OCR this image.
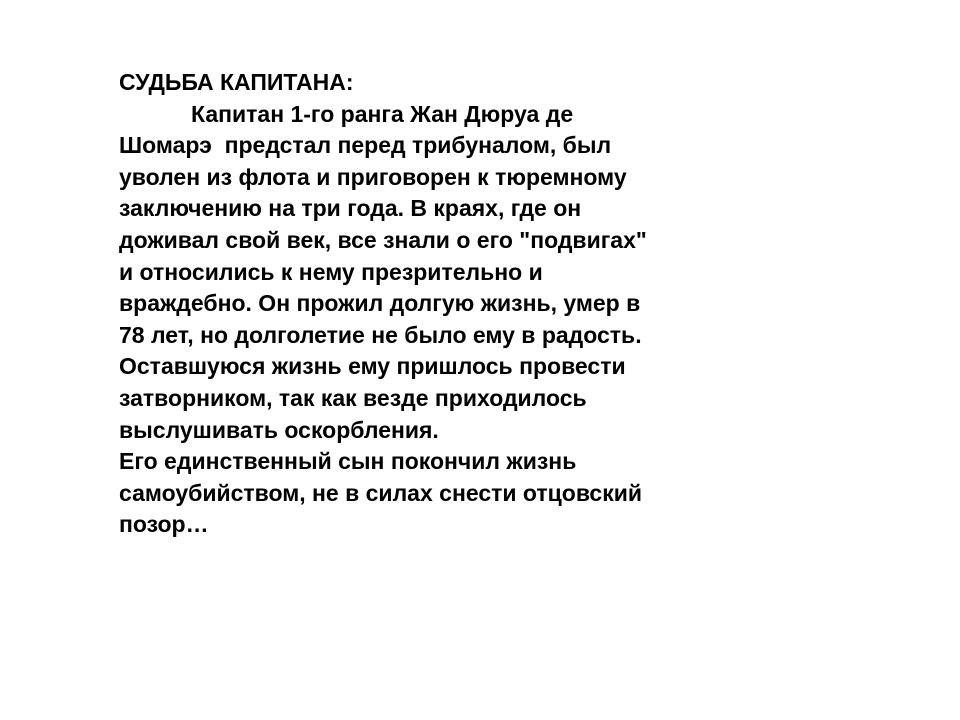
СУДЬБА КАПИТАНА:
Капитан 1-го ранга Жан Дюруа де
Шомарэ  предстал перед трибуналом, был
уволен из флота и приговорен к тюремному
заключению на три года. В краях, где он
доживал свой век, все знали о его "подвигах"
и относились к нему презрительно и
враждебно. Он прожил долгую жизнь, умер в
78 лет, но долголетие не было ему в радость.
Оставшуюся жизнь ему пришлось провести
затворником, так как везде приходилось
выслушивать оскорбления.
Его единственный сын покончил жизнь
самоубийством, не в силах снести отцовский
позор…
